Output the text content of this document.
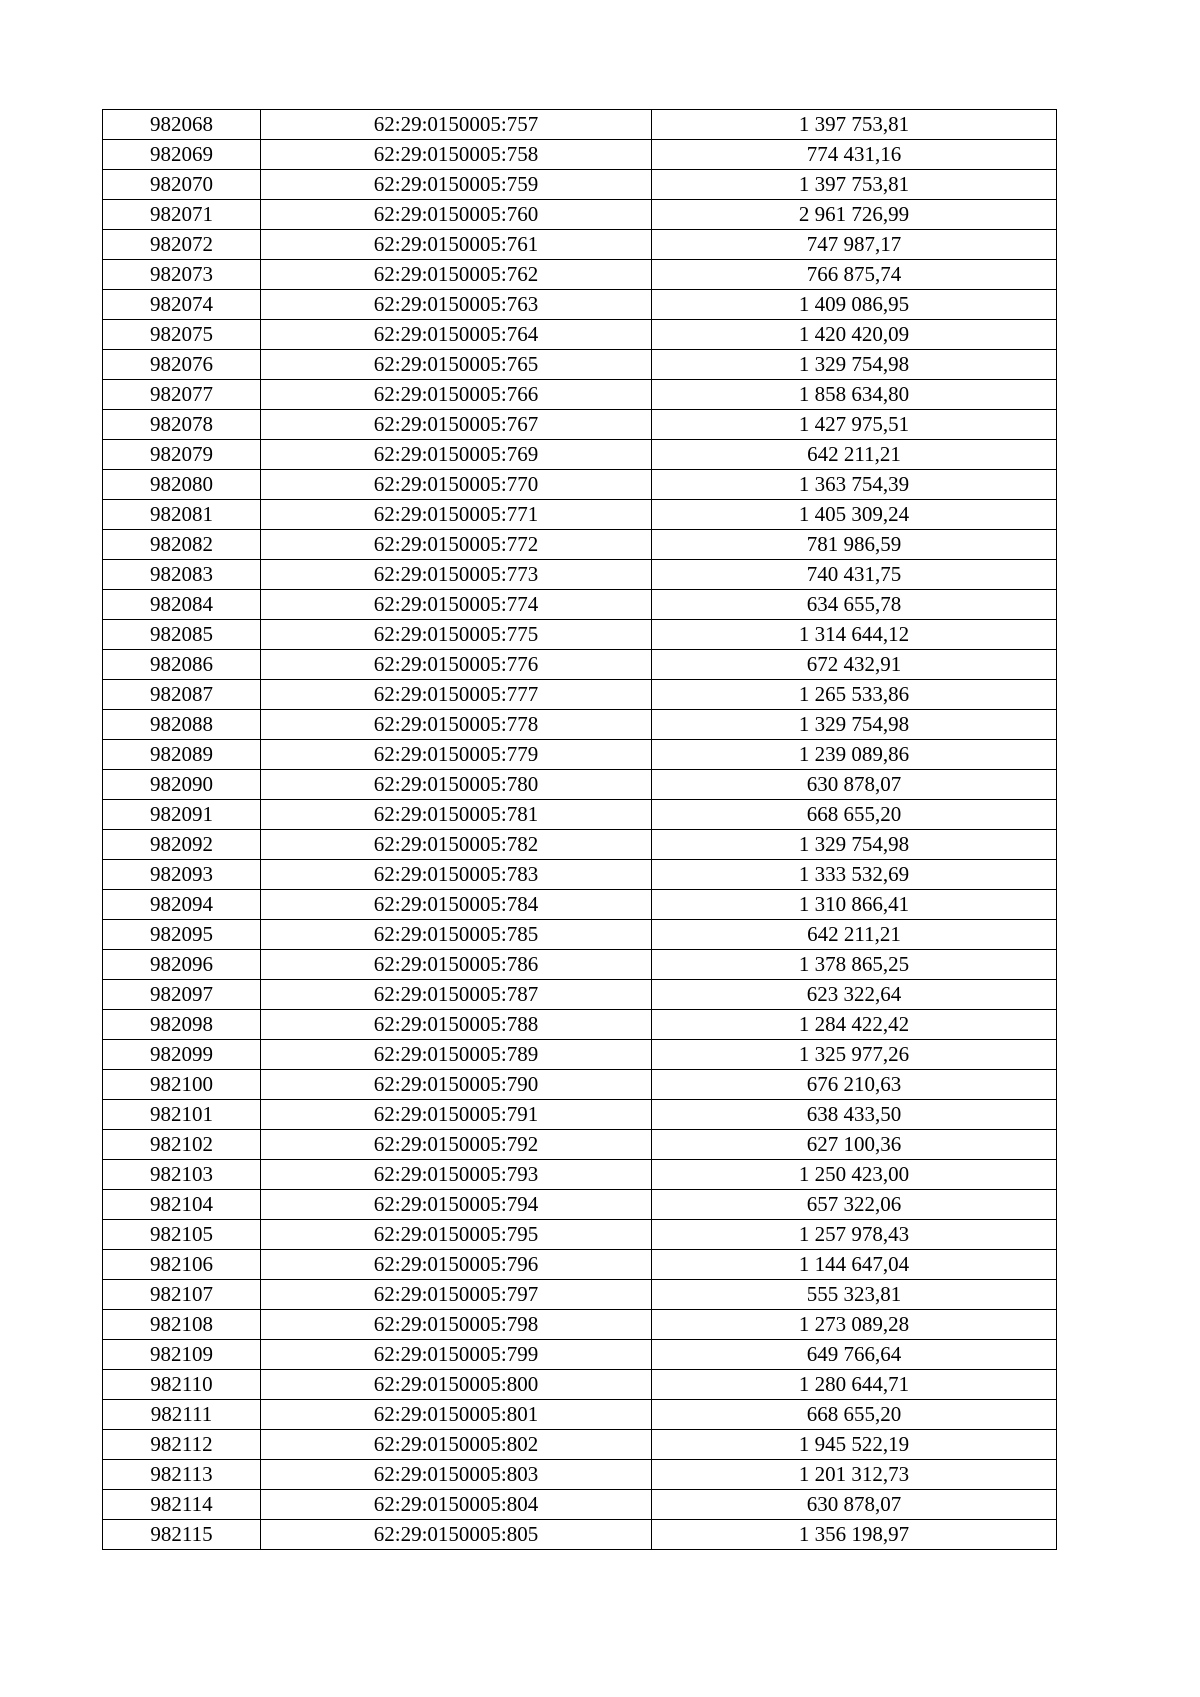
982068	62:29:0150005:757	1 397 753,81
982069	62:29:0150005:758	774 431,16
982070	62:29:0150005:759	1 397 753,81
982071	62:29:0150005:760	2 961 726,99
982072	62:29:0150005:761	747 987,17
982073	62:29:0150005:762	766 875,74
982074	62:29:0150005:763	1 409 086,95
982075	62:29:0150005:764	1 420 420,09
982076	62:29:0150005:765	1 329 754,98
982077	62:29:0150005:766	1 858 634,80
982078	62:29:0150005:767	1 427 975,51
982079	62:29:0150005:769	642 211,21
982080	62:29:0150005:770	1 363 754,39
982081	62:29:0150005:771	1 405 309,24
982082	62:29:0150005:772	781 986,59
982083	62:29:0150005:773	740 431,75
982084	62:29:0150005:774	634 655,78
982085	62:29:0150005:775	1 314 644,12
982086	62:29:0150005:776	672 432,91
982087	62:29:0150005:777	1 265 533,86
982088	62:29:0150005:778	1 329 754,98
982089	62:29:0150005:779	1 239 089,86
982090	62:29:0150005:780	630 878,07
982091	62:29:0150005:781	668 655,20
982092	62:29:0150005:782	1 329 754,98
982093	62:29:0150005:783	1 333 532,69
982094	62:29:0150005:784	1 310 866,41
982095	62:29:0150005:785	642 211,21
982096	62:29:0150005:786	1 378 865,25
982097	62:29:0150005:787	623 322,64
982098	62:29:0150005:788	1 284 422,42
982099	62:29:0150005:789	1 325 977,26
982100	62:29:0150005:790	676 210,63
982101	62:29:0150005:791	638 433,50
982102	62:29:0150005:792	627 100,36
982103	62:29:0150005:793	1 250 423,00
982104	62:29:0150005:794	657 322,06
982105	62:29:0150005:795	1 257 978,43
982106	62:29:0150005:796	1 144 647,04
982107	62:29:0150005:797	555 323,81
982108	62:29:0150005:798	1 273 089,28
982109	62:29:0150005:799	649 766,64
982110	62:29:0150005:800	1 280 644,71
982111	62:29:0150005:801	668 655,20
982112	62:29:0150005:802	1 945 522,19
982113	62:29:0150005:803	1 201 312,73
982114	62:29:0150005:804	630 878,07
982115	62:29:0150005:805	1 356 198,97
